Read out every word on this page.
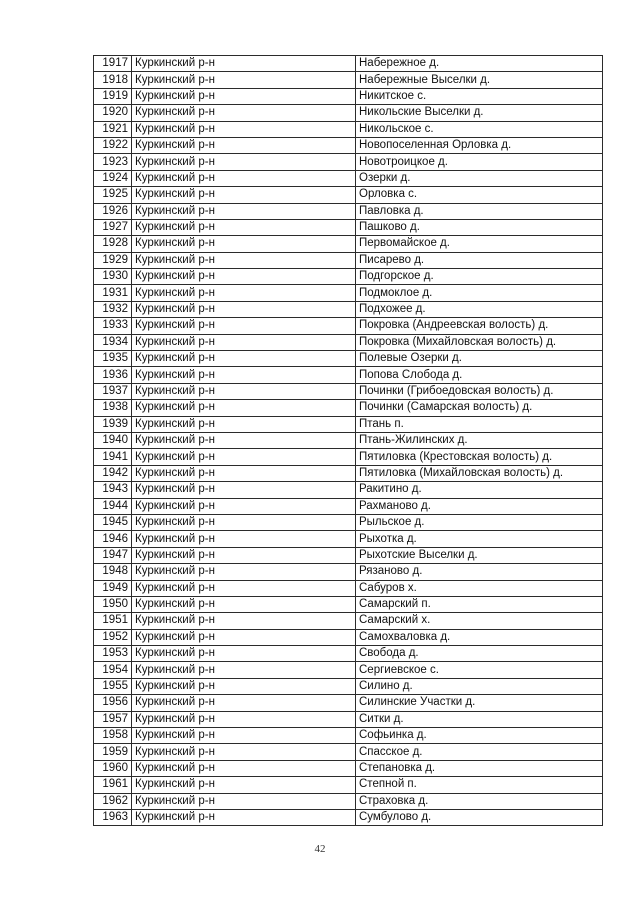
1917	Куркинский р-н	Набережное д.
1918	Куркинский р-н	Набережные Выселки д.
1919	Куркинский р-н	Никитское с.
1920	Куркинский р-н	Никольские Выселки д.
1921	Куркинский р-н	Никольское с.
1922	Куркинский р-н	Новопоселенная Орловка д.
1923	Куркинский р-н	Новотроицкое д.
1924	Куркинский р-н	Озерки д.
1925	Куркинский р-н	Орловка с.
1926	Куркинский р-н	Павловка д.
1927	Куркинский р-н	Пашково д.
1928	Куркинский р-н	Первомайское д.
1929	Куркинский р-н	Писарево д.
1930	Куркинский р-н	Подгорское д.
1931	Куркинский р-н	Подмоклое д.
1932	Куркинский р-н	Подхожее д.
1933	Куркинский р-н	Покровка (Андреевская волость) д.
1934	Куркинский р-н	Покровка (Михайловская волость) д.
1935	Куркинский р-н	Полевые Озерки д.
1936	Куркинский р-н	Попова Слобода д.
1937	Куркинский р-н	Починки (Грибоедовская волость) д.
1938	Куркинский р-н	Починки (Самарская волость) д.
1939	Куркинский р-н	Птань п.
1940	Куркинский р-н	Птань-Жилинских д.
1941	Куркинский р-н	Пятиловка (Крестовская волость) д.
1942	Куркинский р-н	Пятиловка (Михайловская волость) д.
1943	Куркинский р-н	Ракитино д.
1944	Куркинский р-н	Рахманово д.
1945	Куркинский р-н	Рыльское д.
1946	Куркинский р-н	Рыхотка д.
1947	Куркинский р-н	Рыхотские Выселки д.
1948	Куркинский р-н	Рязаново д.
1949	Куркинский р-н	Сабуров х.
1950	Куркинский р-н	Самарский п.
1951	Куркинский р-н	Самарский х.
1952	Куркинский р-н	Самохваловка д.
1953	Куркинский р-н	Свобода д.
1954	Куркинский р-н	Сергиевское с.
1955	Куркинский р-н	Силино д.
1956	Куркинский р-н	Силинские Участки д.
1957	Куркинский р-н	Ситки д.
1958	Куркинский р-н	Софьинка д.
1959	Куркинский р-н	Спасское д.
1960	Куркинский р-н	Степановка д.
1961	Куркинский р-н	Степной п.
1962	Куркинский р-н	Страховка д.
1963	Куркинский р-н	Сумбулово д.
42
